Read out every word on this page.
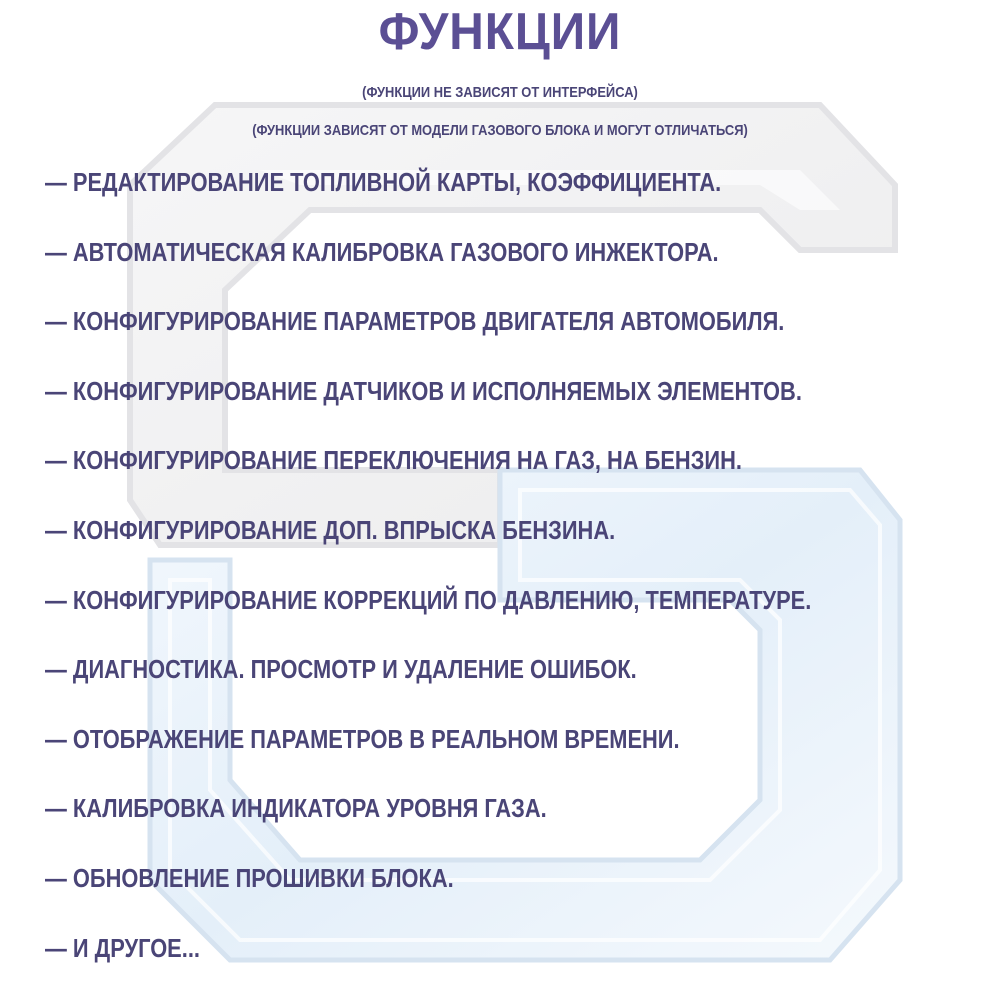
ФУНКЦИИ
(ФУНКЦИИ НЕ ЗАВИСЯТ ОТ ИНТЕРФЕЙСА)
(ФУНКЦИИ ЗАВИСЯТ ОТ МОДЕЛИ ГАЗОВОГО БЛОКА И МОГУТ ОТЛИЧАТЬСЯ)
— РЕДАКТИРОВАНИЕ ТОПЛИВНОЙ КАРТЫ, КОЭФФИЦИЕНТА.
— АВТОМАТИЧЕСКАЯ КАЛИБРОВКА ГАЗОВОГО ИНЖЕКТОРА.
— КОНФИГУРИРОВАНИЕ ПАРАМЕТРОВ ДВИГАТЕЛЯ АВТОМОБИЛЯ.
— КОНФИГУРИРОВАНИЕ ДАТЧИКОВ И ИСПОЛНЯЕМЫХ ЭЛЕМЕНТОВ.
— КОНФИГУРИРОВАНИЕ ПЕРЕКЛЮЧЕНИЯ НА ГАЗ, НА БЕНЗИН.
— КОНФИГУРИРОВАНИЕ ДОП. ВПРЫСКА БЕНЗИНА.
— КОНФИГУРИРОВАНИЕ КОРРЕКЦИЙ ПО ДАВЛЕНИЮ, ТЕМПЕРАТУРЕ.
— ДИАГНОСТИКА. ПРОСМОТР И УДАЛЕНИЕ ОШИБОК.
— ОТОБРАЖЕНИЕ ПАРАМЕТРОВ В РЕАЛЬНОМ ВРЕМЕНИ.
— КАЛИБРОВКА ИНДИКАТОРА УРОВНЯ ГАЗА.
— ОБНОВЛЕНИЕ ПРОШИВКИ БЛОКА.
— И ДРУГОЕ...
